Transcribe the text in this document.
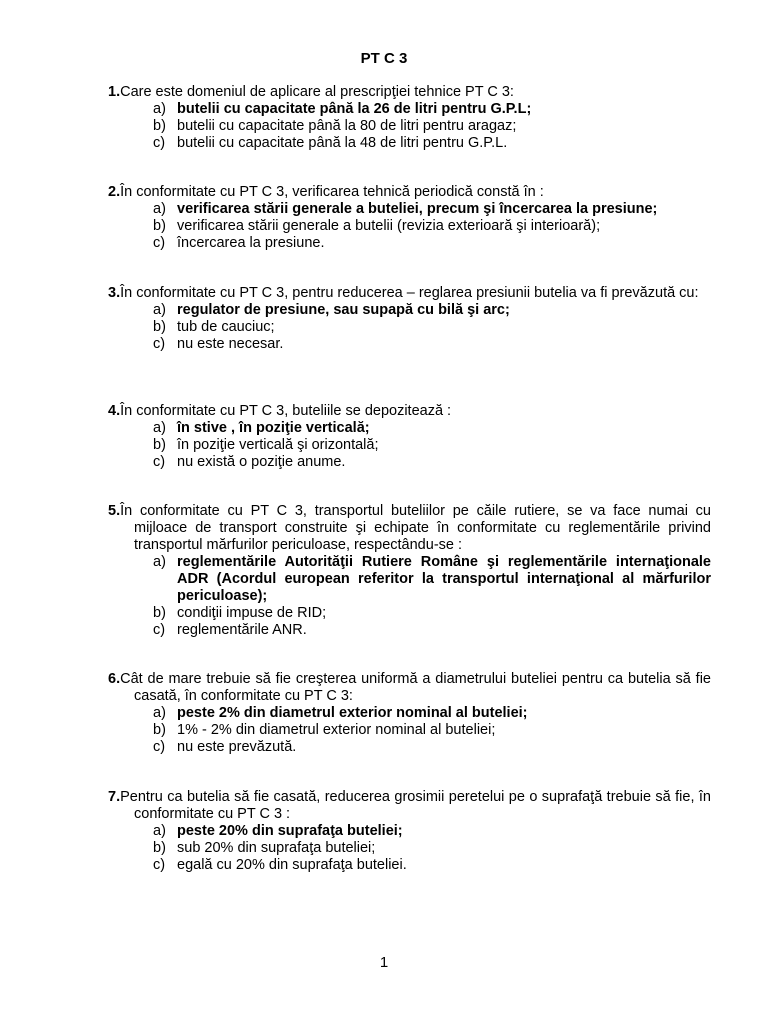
PT C 3
1.Care este domeniul de aplicare al prescripţiei tehnice PT C 3:
a) butelii cu capacitate până la 26 de litri pentru G.P.L;
b) butelii cu capacitate până la 80 de litri pentru aragaz;
c) butelii cu capacitate până la 48 de litri pentru G.P.L.
2.În conformitate cu PT C 3, verificarea tehnică periodică constă în :
a) verificarea stării generale a buteliei, precum şi încercarea la presiune;
b) verificarea stării generale a butelii (revizia exterioară şi interioară);
c) încercarea la presiune.
3.În conformitate cu PT C 3, pentru reducerea – reglarea presiunii butelia va fi prevăzută cu:
a) regulator de presiune, sau supapă cu bilă şi arc;
b) tub de cauciuc;
c) nu este necesar.
4.În conformitate cu PT C 3, buteliile se depozitează :
a) în stive , în poziţie verticală;
b) în poziţie verticală şi orizontală;
c) nu există o poziţie anume.
5.În conformitate cu PT C 3, transportul buteliilor pe căile rutiere, se va face numai cu mijloace de transport construite şi echipate în conformitate cu reglementările privind transportul mărfurilor periculoase, respectându-se :
a) reglementările Autorităţii Rutiere Române şi reglementările internaţionale ADR (Acordul european referitor la transportul internaţional al mărfurilor periculoase);
b) condiţii impuse de RID;
c) reglementările ANR.
6.Cât de mare trebuie să fie creşterea uniformă a diametrului buteliei pentru ca butelia să fie casată, în conformitate cu PT C 3:
a) peste 2% din diametrul exterior nominal al buteliei;
b) 1% - 2% din diametrul exterior nominal al buteliei;
c) nu este prevăzută.
7.Pentru ca butelia să fie casată, reducerea grosimii peretelui pe o suprafaţă trebuie să fie, în conformitate cu PT C 3 :
a) peste 20% din suprafaţa buteliei;
b) sub 20% din suprafaţa buteliei;
c) egală cu 20% din suprafaţa buteliei.
1
